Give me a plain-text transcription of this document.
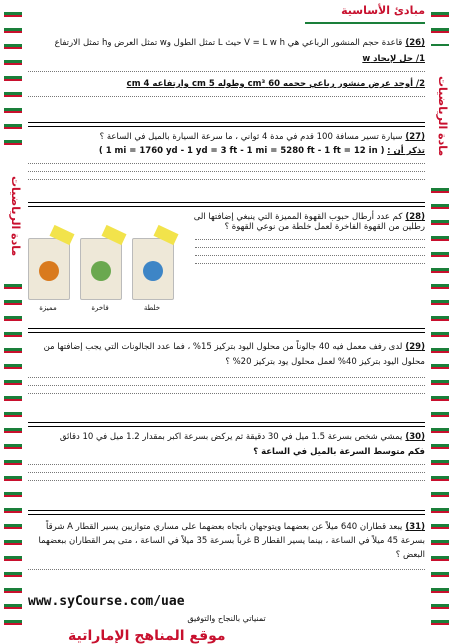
مادة الرياضيات
مادة الرياضيات
مبادئ الأساسية
(26)قاعدة حجم المنشور الرباعي هي V = L w h حيث L تمثل الطول وw تمثل العرض وh تمثل الارتفاع
1/ حل لإيجاد w
2/ أوجد عرض منشور رباعي حجمه 60 cm³ وطوله 5 cm وارتفاعه 4 cm
(27)سيارة تسير مسافة 100 قدم في مدة 4 ثواني ، ما سرعة السيارة بالميل في الساعة ؟
تذكر أن : ( 1 mi = 1760 yd - 1 yd = 3 ft - 1 mi = 5280 ft - 1 ft = 12 in )
(28)كم عدد أرطال حبوب القهوة المميزة التي ينبغي إضافتها الى رطلين من القهوة الفاخرة لعمل خلطة من نوعي القهوة ؟
مميزة	فاخرة	خلطة
(29)لدى رفف معمل فيه 40 جالوناً من محلول اليود بتركيز 15% ، فما عدد الجالونات التي يجب إضافتها من محلول اليود بتركيز 40% لعمل محلول يود بتركيز 20% ؟
(30)يمشي شخص بسرعة 1.5 ميل في 30 دقيقة ثم يركض بسرعة اكبر بمقدار 1.2 ميل في 10 دقائق
فكم متوسط السرعة بالميل في الساعة ؟
(31)يبعد قطاران 640 ميلاً عن بعضهما ويتوجهان باتجاه بعضهما على مساري متوازيين يسير القطار A شرقاً بسرعة 45 ميلاً في الساعة ، بينما يسير القطار B غرباً بسرعة 35 ميلاً في الساعة ، متى يمر القطاران ببعضهما البعض ؟
www.syCourse.com/uae
تمنياتي بالنجاح والتوفيق
موقع المناهج الإماراتية
